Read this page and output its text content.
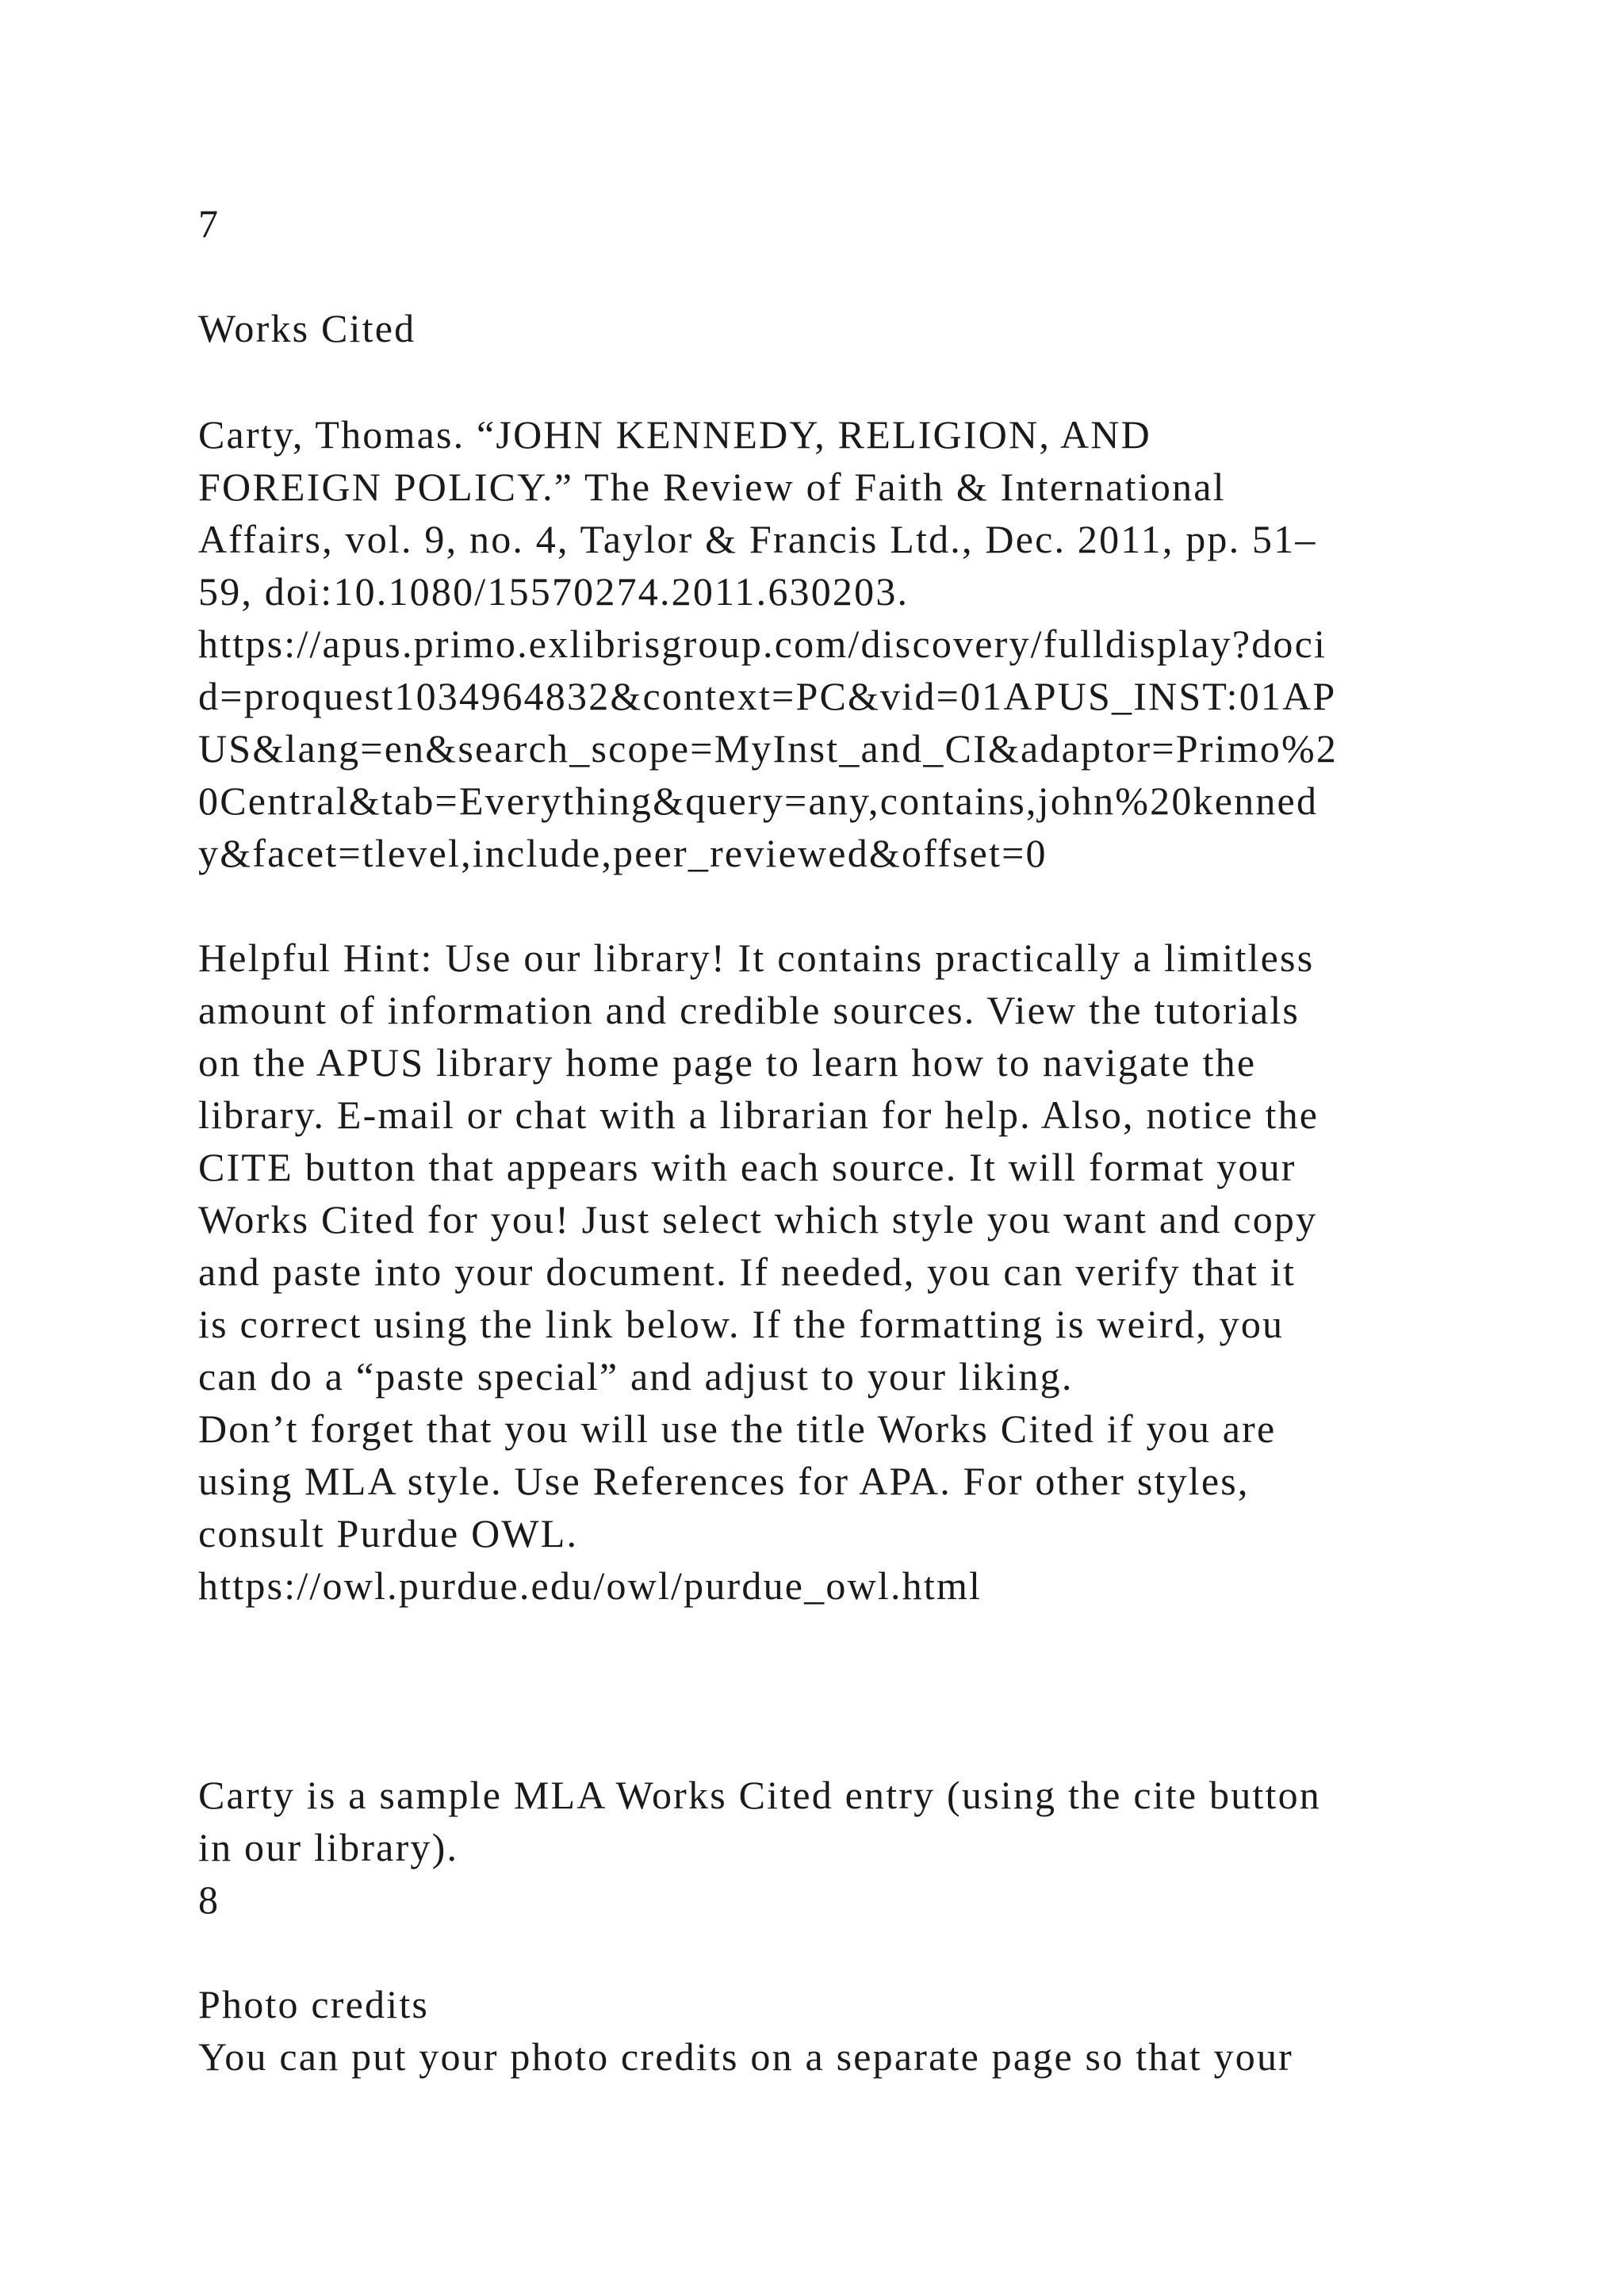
7

Works Cited

Carty, Thomas. “JOHN KENNEDY, RELIGION, AND

FOREIGN POLICY.” The Review of Faith & International

Affairs, vol. 9, no. 4, Taylor & Francis Ltd., Dec. 2011, pp. 51–

59, doi:10.1080/15570274.2011.630203.

https://apus.primo.exlibrisgroup.com/discovery/fulldisplay?doci

d=proquest1034964832&context=PC&vid=01APUS_INST:01AP

US&lang=en&search_scope=MyInst_and_CI&adaptor=Primo%2

0Central&tab=Everything&query=any,contains,john%20kenned

y&facet=tlevel,include,peer_reviewed&offset=0

Helpful Hint: Use our library! It contains practically a limitless

amount of information and credible sources. View the tutorials

on the APUS library home page to learn how to navigate the

library. E-mail or chat with a librarian for help. Also, notice the

CITE button that appears with each source. It will format your

Works Cited for you! Just select which style you want and copy

and paste into your document. If needed, you can verify that it

is correct using the link below. If the formatting is weird, you

can do a “paste special” and adjust to your liking.

Don’t forget that you will use the title Works Cited if you are

using MLA style. Use References for APA. For other styles,

consult Purdue OWL.

https://owl.purdue.edu/owl/purdue_owl.html

Carty is a sample MLA Works Cited entry (using the cite button

in our library).

8

Photo credits

You can put your photo credits on a separate page so that your
